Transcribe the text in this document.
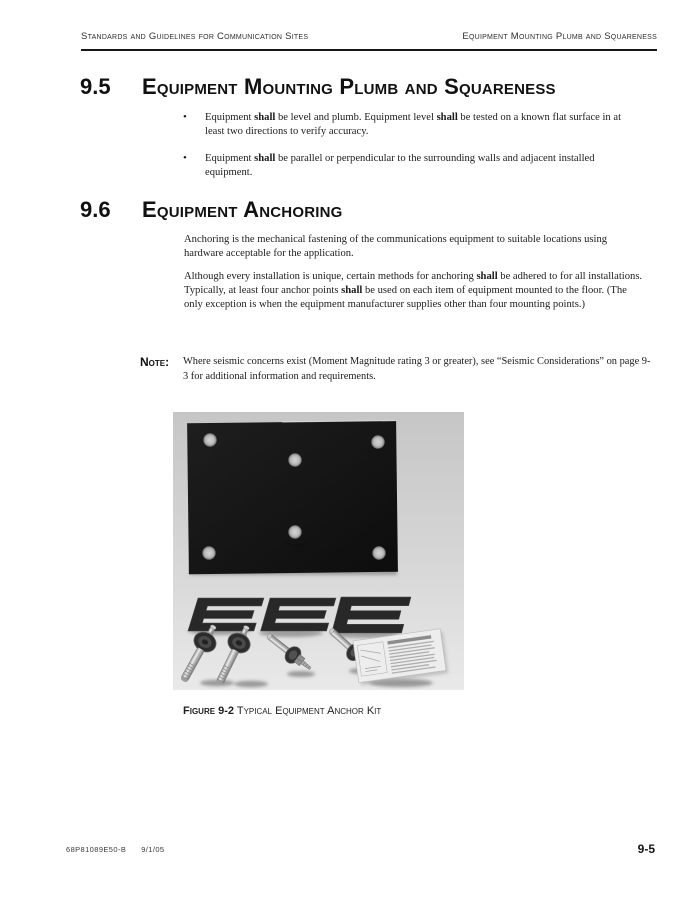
Standards and Guidelines for Communication Sites	Equipment Mounting Plumb and Squareness
9.5 Equipment Mounting Plumb and Squareness
• Equipment shall be level and plumb. Equipment level shall be tested on a known flat surface in at least two directions to verify accuracy.
• Equipment shall be parallel or perpendicular to the surrounding walls and adjacent installed equipment.
9.6 Equipment Anchoring
Anchoring is the mechanical fastening of the communications equipment to suitable locations using hardware acceptable for the application.
Although every installation is unique, certain methods for anchoring shall be adhered to for all installations. Typically, at least four anchor points shall be used on each item of equipment mounted to the floor. (The only exception is when the equipment manufacturer supplies other than four mounting points.)
Note: Where seismic concerns exist (Moment Magnitude rating 3 or greater), see “Seismic Considerations” on page 9-3 for additional information and requirements.
Figure 9-2 Typical Equipment Anchor Kit
68P81089E50-B 9/1/05	9-5
